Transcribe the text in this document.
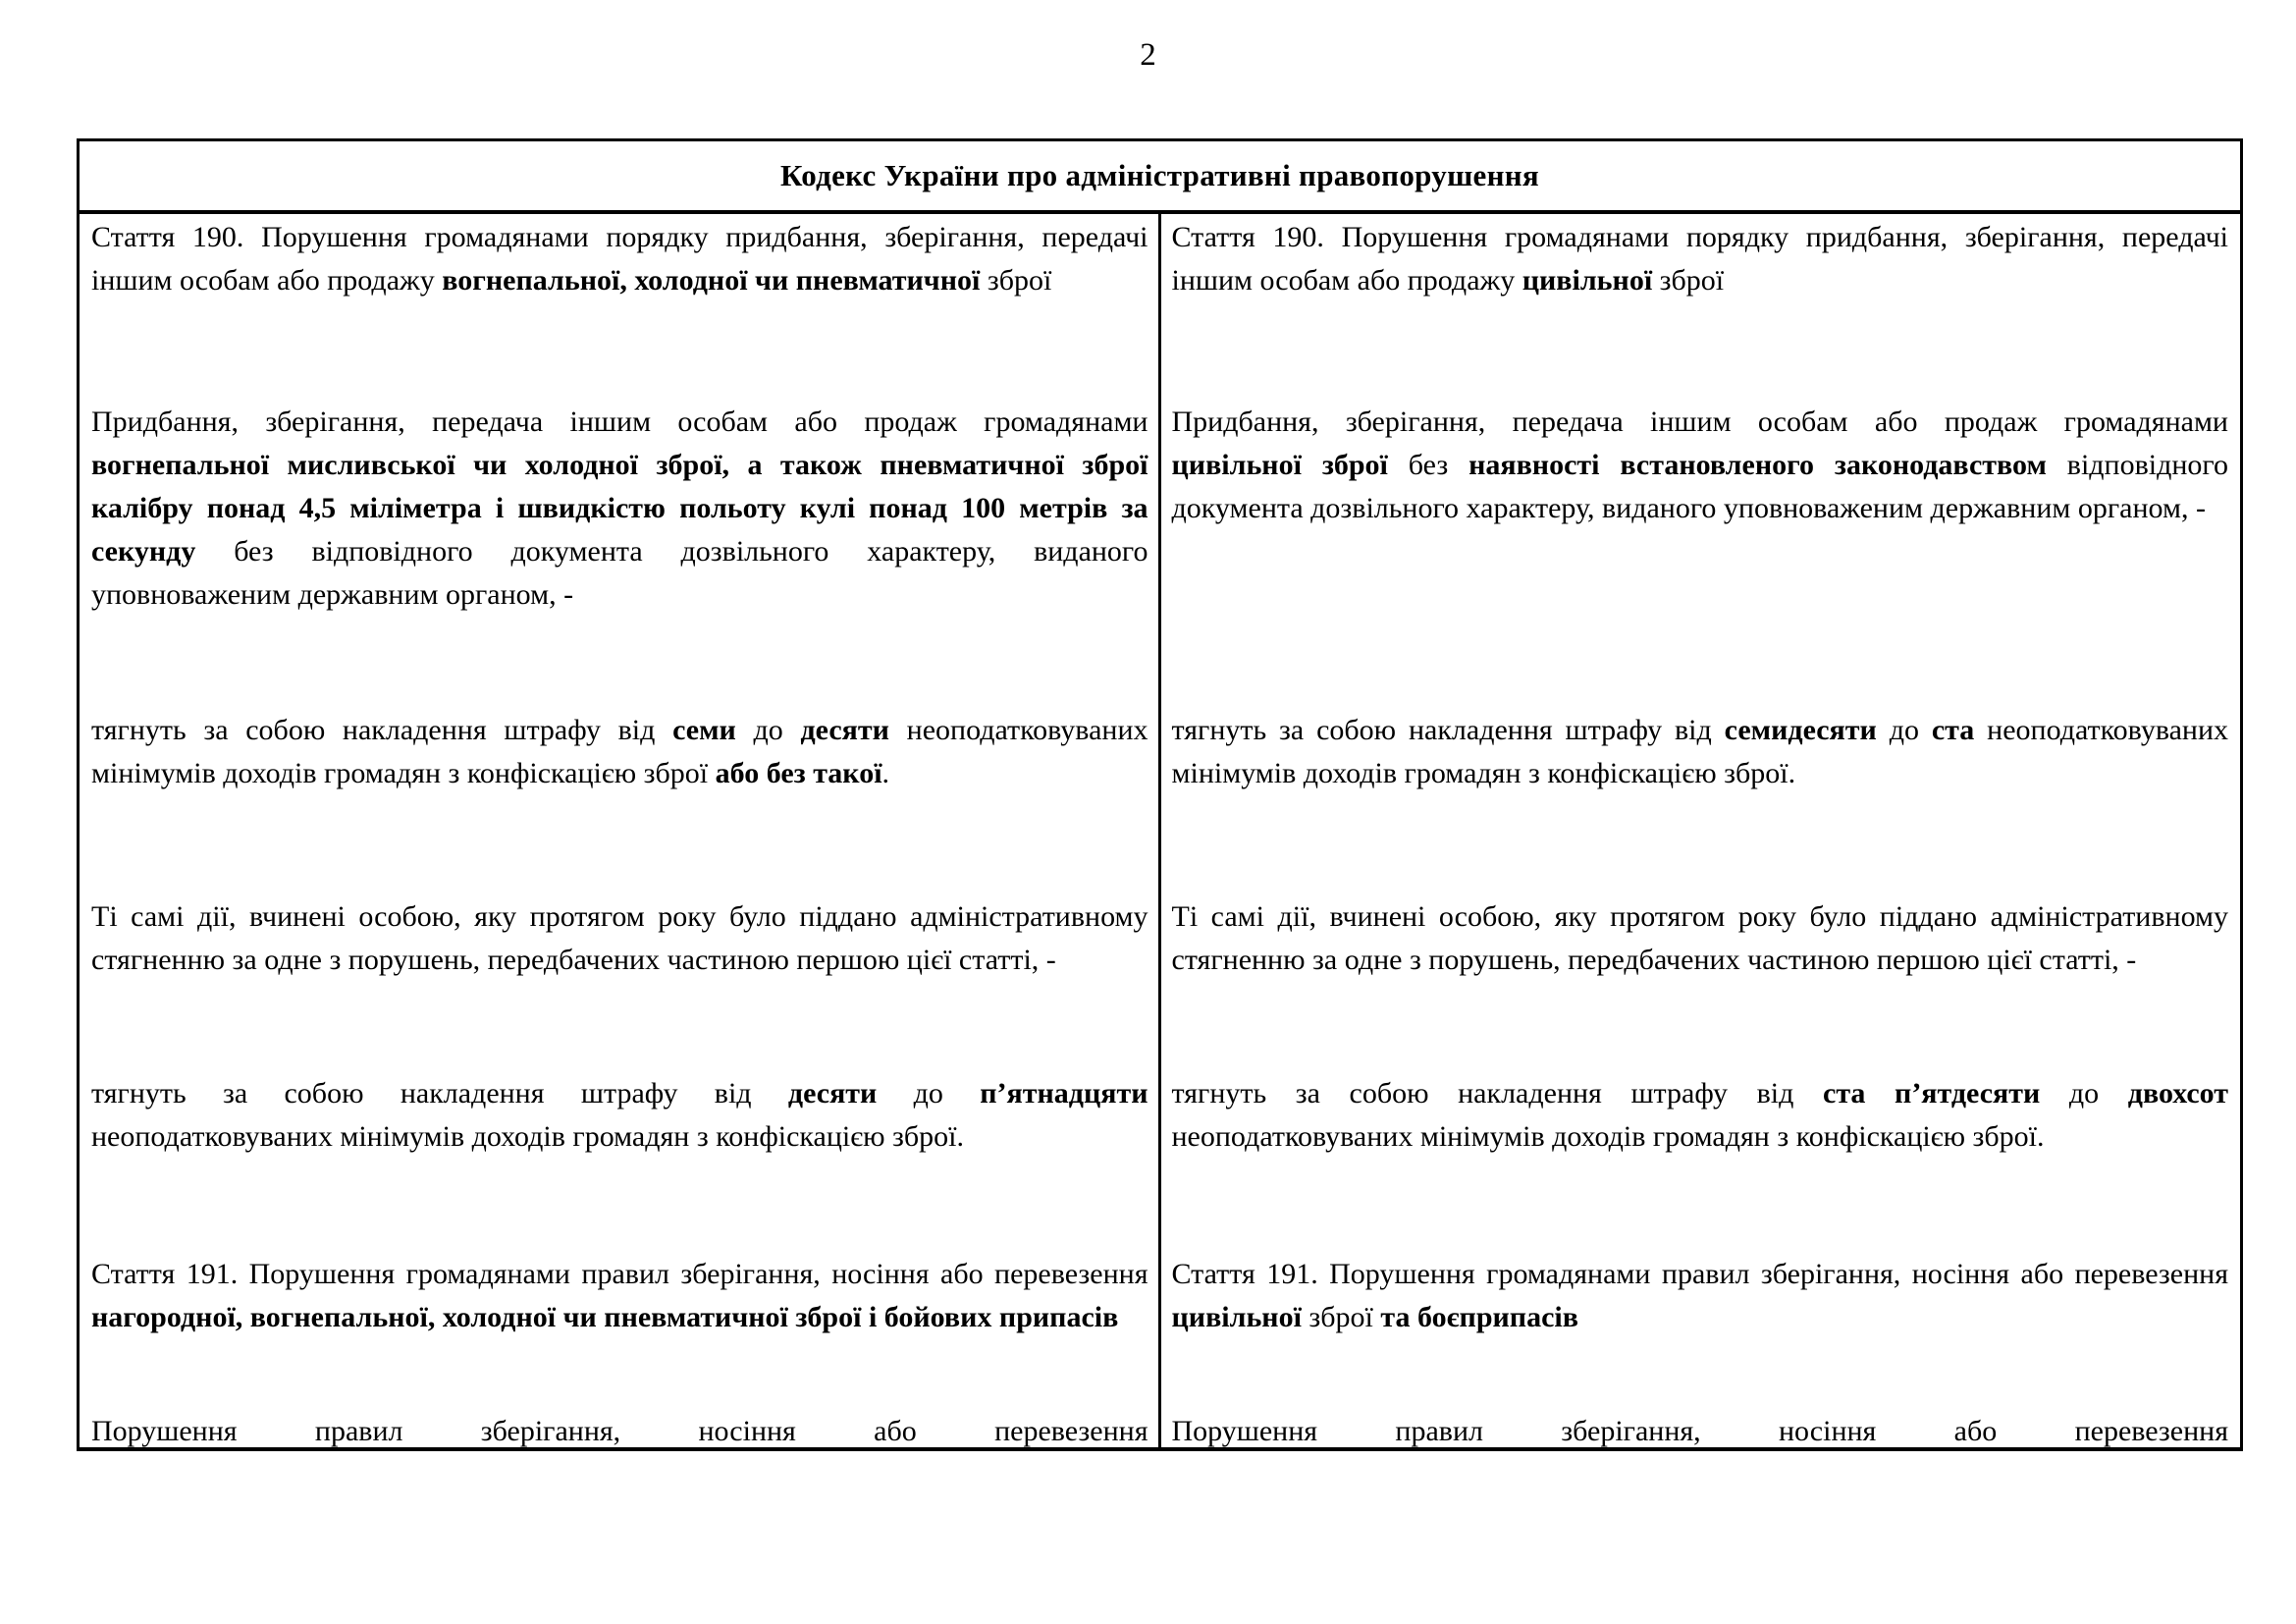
2
Кодекс України про адміністративні правопорушення

Стаття 190. Порушення громадянами порядку придбання, зберігання, передачі іншим особам або продажу вогнепальної, холодної чи пневматичної зброї

Стаття 190. Порушення громадянами порядку придбання, зберігання, передачі іншим особам або продажу цивільної зброї

Придбання, зберігання, передача іншим особам або продаж громадянами вогнепальної мисливської чи холодної зброї, а також пневматичної зброї калібру понад 4,5 міліметра і швидкістю польоту кулі понад 100 метрів за секунду без відповідного документа дозвільного характеру, виданого уповноваженим державним органом, -

Придбання, зберігання, передача іншим особам або продаж громадянами цивільної зброї без наявності встановленого законодавством відповідного документа дозвільного характеру, виданого уповноваженим державним органом, -

тягнуть за собою накладення штрафу від семи до десяти неоподатковуваних мінімумів доходів громадян з конфіскацією зброї або без такої.

тягнуть за собою накладення штрафу від семидесяти до ста неоподатковуваних мінімумів доходів громадян з конфіскацією зброї.

Ті самі дії, вчинені особою, яку протягом року було піддано адміністративному стягненню за одне з порушень, передбачених частиною першою цієї статті, -

Ті самі дії, вчинені особою, яку протягом року було піддано адміністративному стягненню за одне з порушень, передбачених частиною першою цієї статті, -

тягнуть за собою накладення штрафу від десяти до п’ятнадцяти неоподатковуваних мінімумів доходів громадян з конфіскацією зброї.

тягнуть за собою накладення штрафу від ста п’ятдесяти до двохсот неоподатковуваних мінімумів доходів громадян з конфіскацією зброї.

Стаття 191. Порушення громадянами правил зберігання, носіння або перевезення нагородної, вогнепальної, холодної чи пневматичної зброї і бойових припасів

Стаття 191. Порушення громадянами правил зберігання, носіння або перевезення цивільної зброї та боєприпасів

Порушення правил зберігання, носіння або перевезення Порушення правил зберігання, носіння або перевезення
